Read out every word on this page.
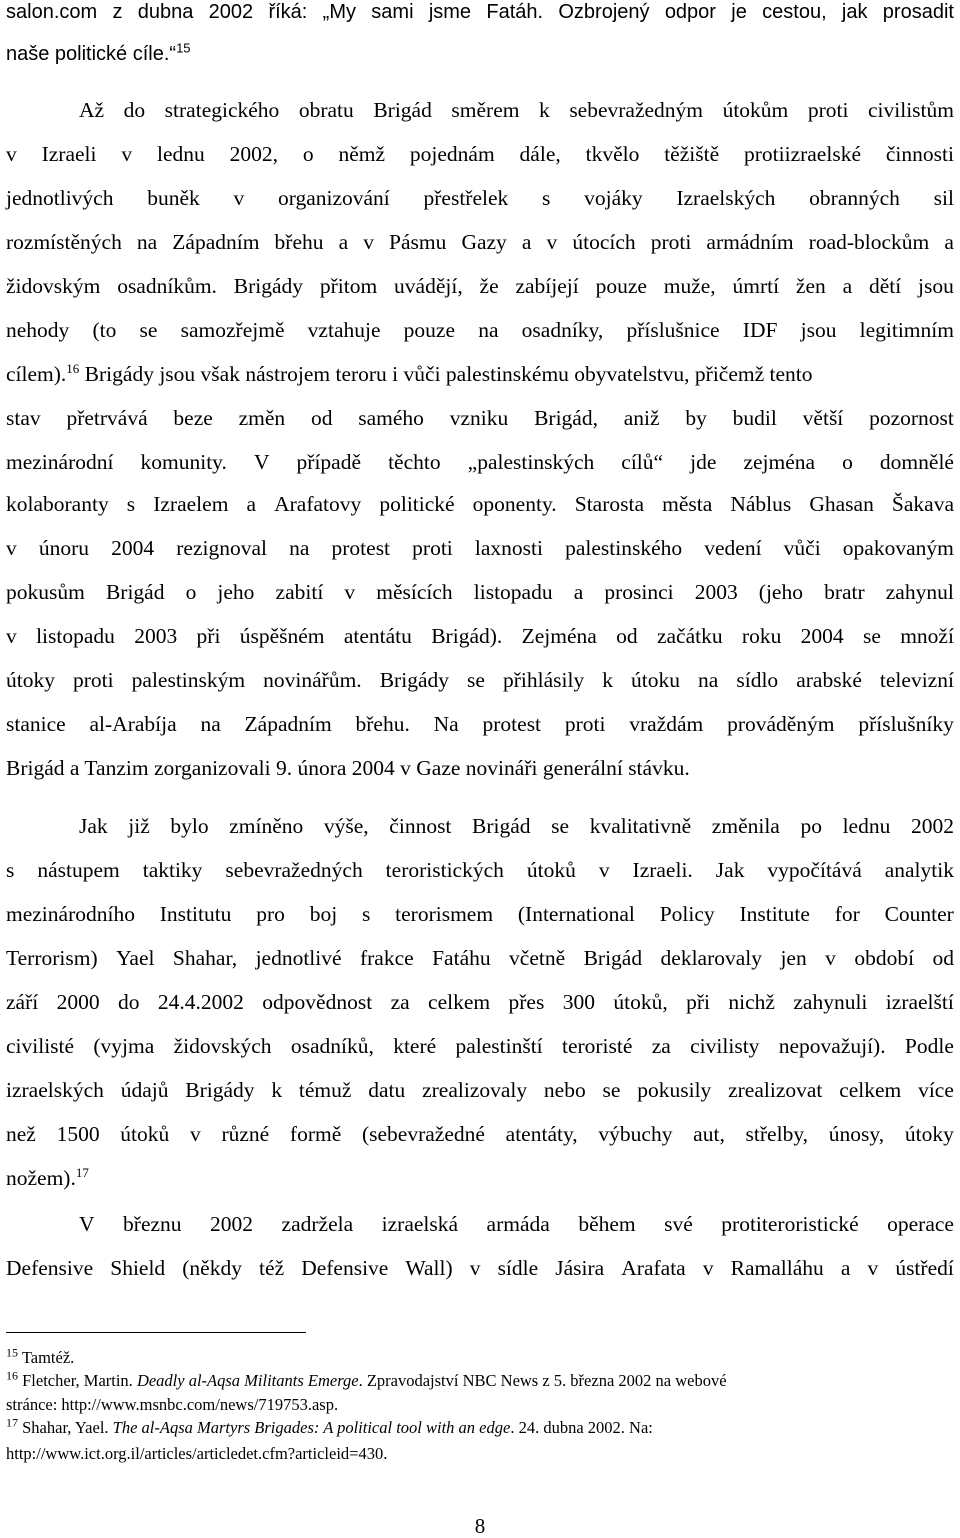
salon.com z dubna 2002 říká: „My sami jsme Fatáh. Ozbrojený odpor je cestou, jak prosadit
naše politické cíle.“$^{15}$
Až do strategického obratu Brigád směrem k sebevražedným útokům proti civilistům
v Izraeli v lednu 2002, o němž pojednám dále, tkvělo těžiště protiizraelské činnosti
jednotlivých buněk v organizování přestřelek s vojáky Izraelských obranných sil
rozmístěných na Západním břehu a v Pásmu Gazy a v útocích proti armádním road-blockům a
židovským osadníkům. Brigády přitom uvádějí, že zabíjejí pouze muže, úmrtí žen a dětí jsou
nehody (to se samozřejmě vztahuje pouze na osadníky, příslušnice IDF jsou legitimním
cílem).$^{16}$ Brigády jsou však nástrojem teroru i vůči palestinskému obyvatelstvu, přičemž tento
stav přetrvává beze změn od samého vzniku Brigád, aniž by budil větší pozornost
mezinárodní komunity. V případě těchto „palestinských cílů“ jde zejména o domnělé
kolaboranty s Izraelem a Arafatovy politické oponenty. Starosta města Náblus Ghasan Šakava
v únoru 2004 rezignoval na protest proti laxnosti palestinského vedení vůči opakovaným
pokusům Brigád o jeho zabití v měsících listopadu a prosinci 2003 (jeho bratr zahynul
v listopadu 2003 při úspěšném atentátu Brigád). Zejména od začátku roku 2004 se množí
útoky proti palestinským novinářům. Brigády se přihlásily k útoku na sídlo arabské televizní
stanice al-Arabíja na Západním břehu. Na protest proti vraždám prováděným příslušníky
Brigád a Tanzim zorganizovali 9. února 2004 v Gaze novináři generální stávku.
Jak již bylo zmíněno výše, činnost Brigád se kvalitativně změnila po lednu 2002
s nástupem taktiky sebevražedných teroristických útoků v Izraeli. Jak vypočítává analytik
mezinárodního Institutu pro boj s terorismem (International Policy Institute for Counter
Terrorism) Yael Shahar, jednotlivé frakce Fatáhu včetně Brigád deklarovaly jen v období od
září 2000 do 24.4.2002 odpovědnost za celkem přes 300 útoků, při nichž zahynuli izraelští
civilisté (vyjma židovských osadníků, které palestinští teroristé za civilisty nepovažují). Podle
izraelských údajů Brigády k témuž datu zrealizovaly nebo se pokusily zrealizovat celkem více
než 1500 útoků v různé formě (sebevražedné atentáty, výbuchy aut, střelby, únosy, útoky
nožem).$^{17}$
V březnu 2002 zadržela izraelská armáda během své protiteroristické operace
Defensive Shield (někdy též Defensive Wall) v sídle Jásira Arafata v Ramalláhu a v ústředí
$^{15}$ Tamtéž.
$^{16}$ Fletcher, Martin. Deadly al-Aqsa Militants Emerge. Zpravodajství NBC News z 5. března 2002 na webové
stránce: http://www.msnbc.com/news/719753.asp.
$^{17}$ Shahar, Yael. The al-Aqsa Martyrs Brigades: A political tool with an edge. 24. dubna 2002. Na:
http://www.ict.org.il/articles/articledet.cfm?articleid=430.
8
